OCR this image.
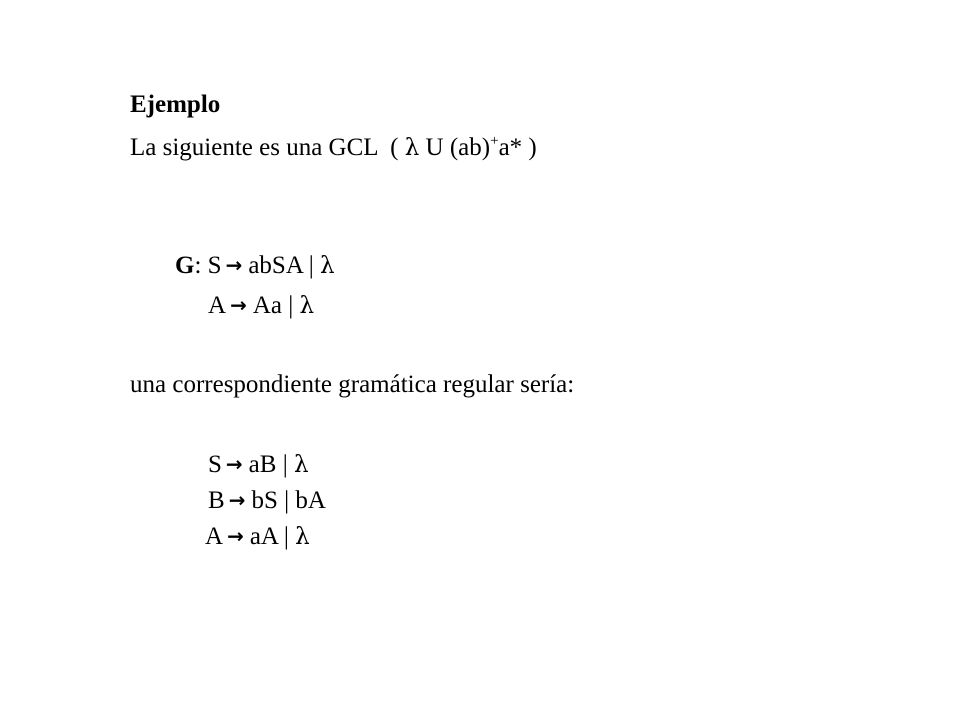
Ejemplo
La siguiente es una GCL ( λ U (ab)+a* )
G: S → abSA | λ
A → Aa | λ
una correspondiente gramática regular sería:
S → aB | λ
B → bS | bA
A → aA | λ
